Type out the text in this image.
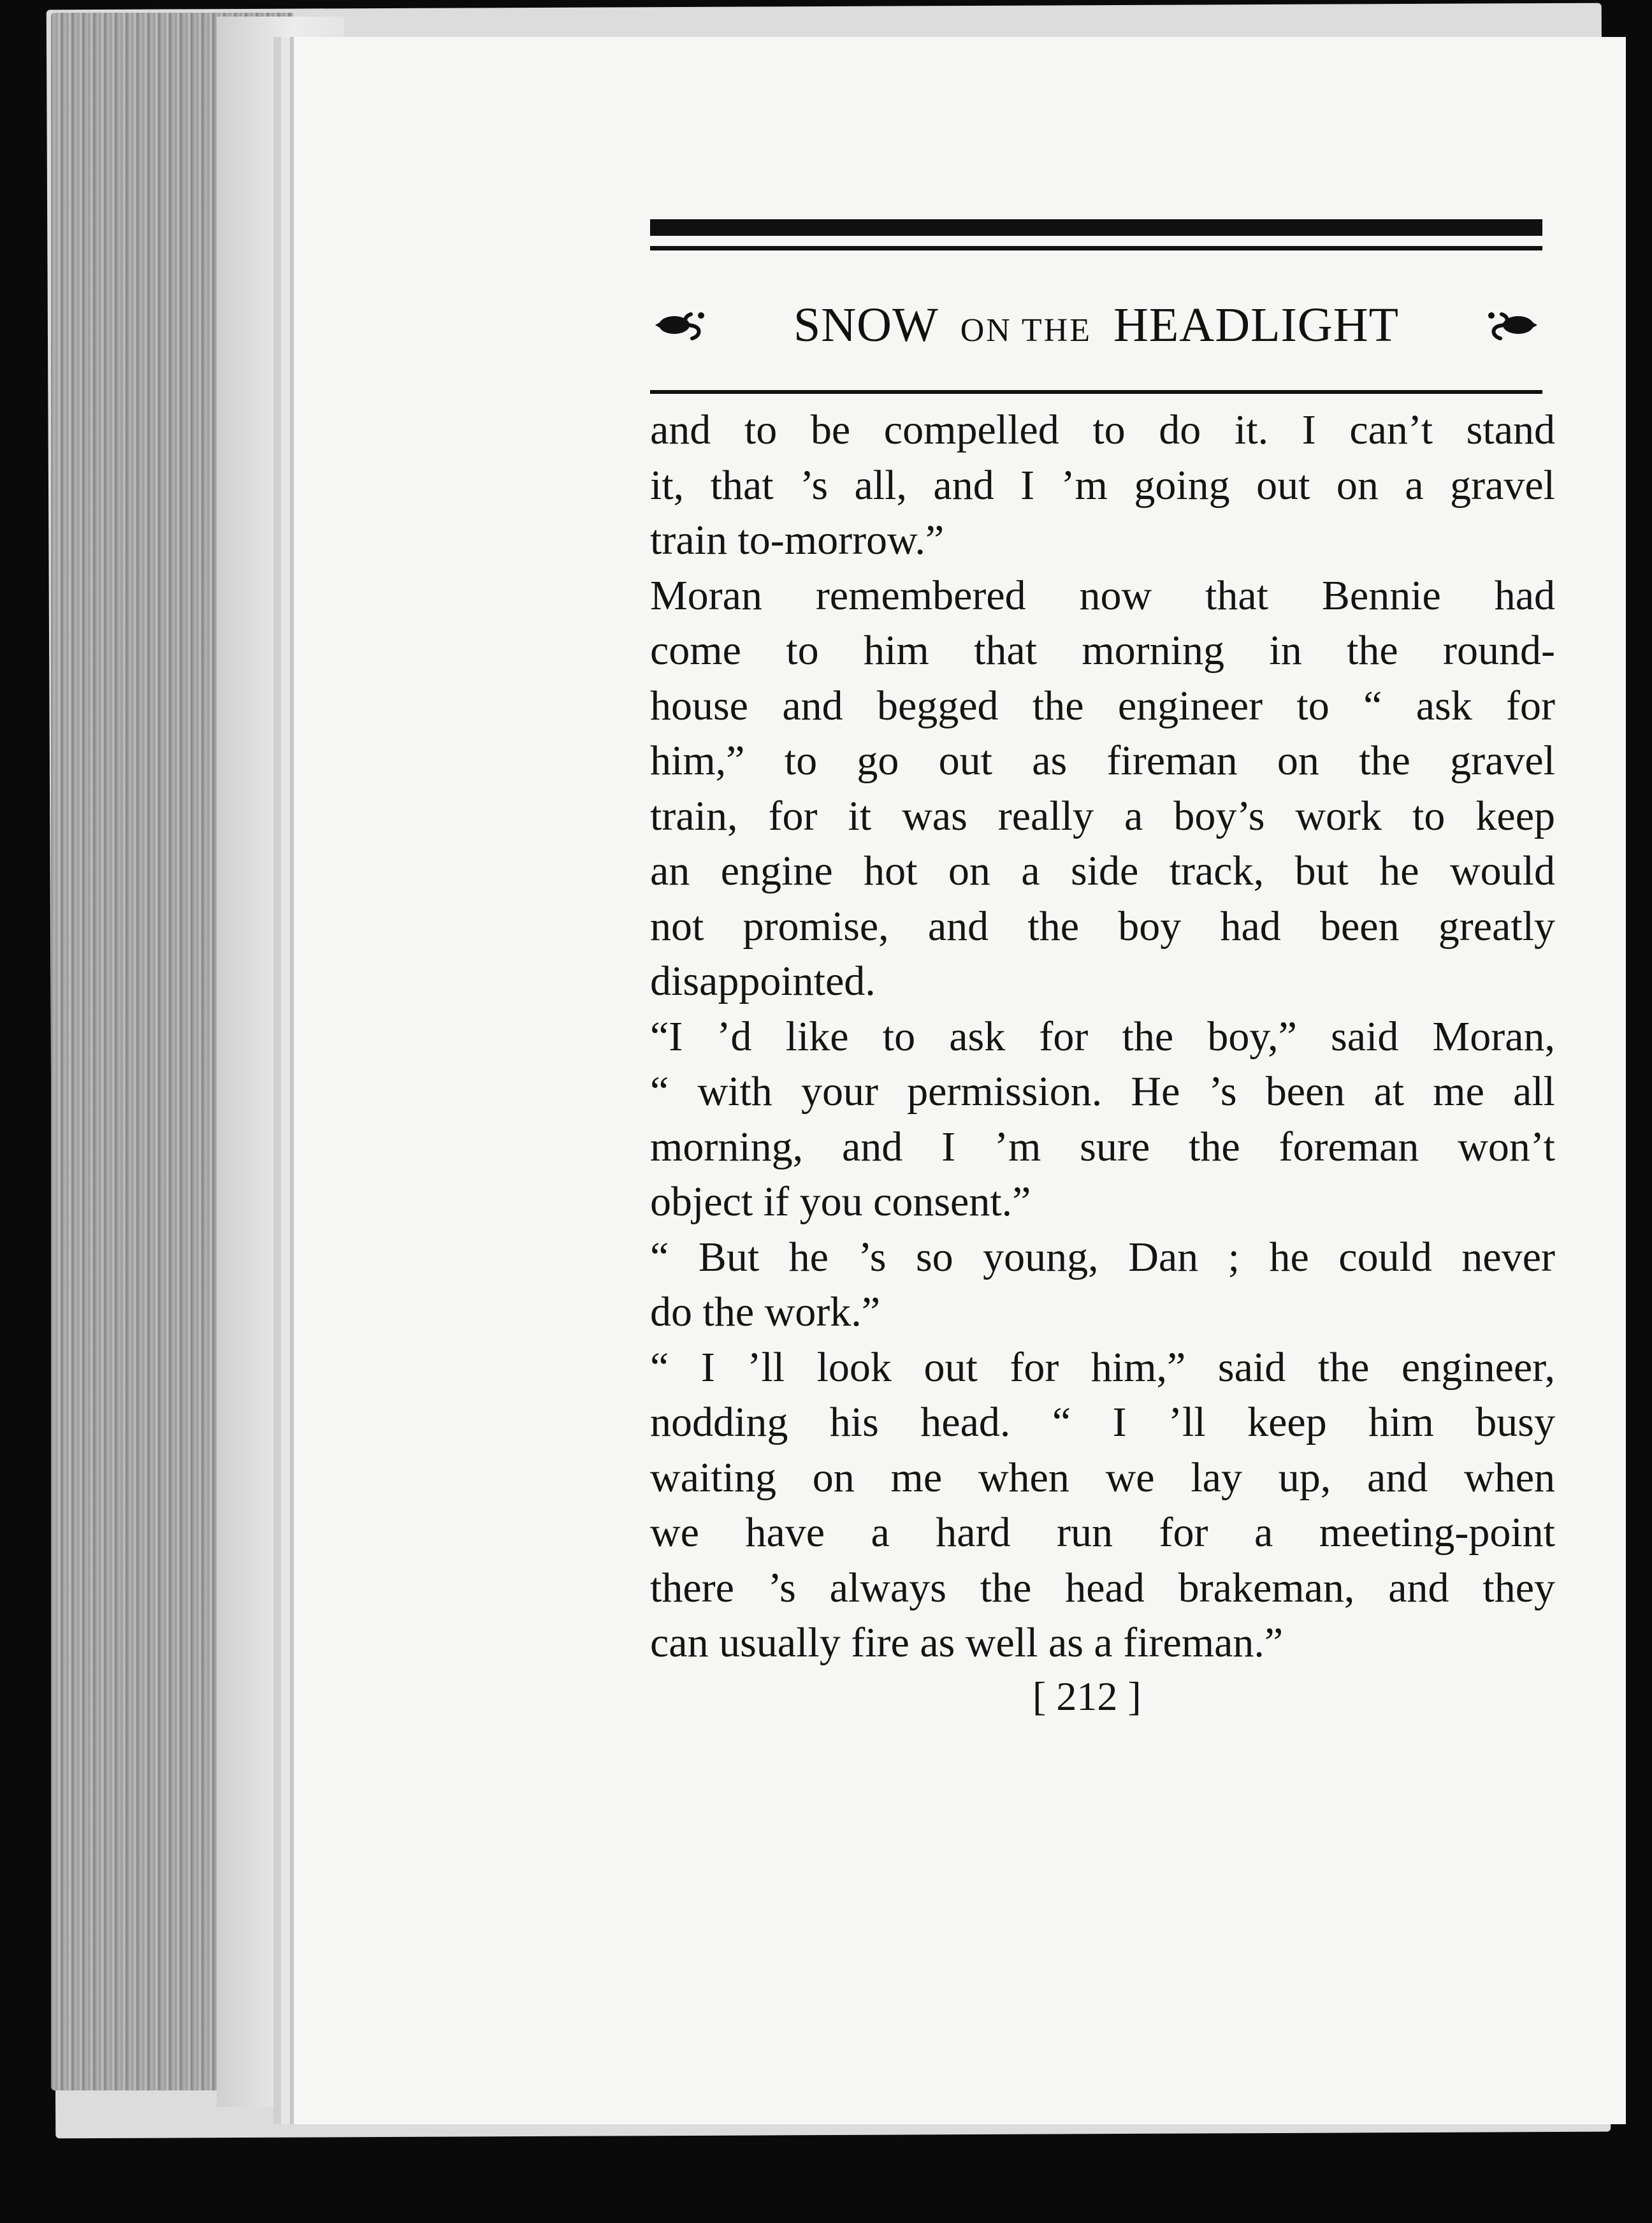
SNOW ON THE HEADLIGHT
and to be compelled to do it. I can’t stand
it, that ’s all, and I ’m going out on a gravel
train to-morrow.”
Moran remembered now that Bennie had
come to him that morning in the round-
house and begged the engineer to “ ask for
him,” to go out as fireman on the gravel
train, for it was really a boy’s work to keep
an engine hot on a side track, but he would
not promise, and the boy had been greatly
disappointed.
“I ’d like to ask for the boy,” said Moran,
“ with your permission. He ’s been at me all
morning, and I ’m sure the foreman won’t
object if you consent.”
“ But he ’s so young, Dan ; he could never
do the work.”
“ I ’ll look out for him,” said the engineer,
nodding his head. “ I ’ll keep him busy
waiting on me when we lay up, and when
we have a hard run for a meeting-point
there ’s always the head brakeman, and they
can usually fire as well as a fireman.”
[ 212 ]
